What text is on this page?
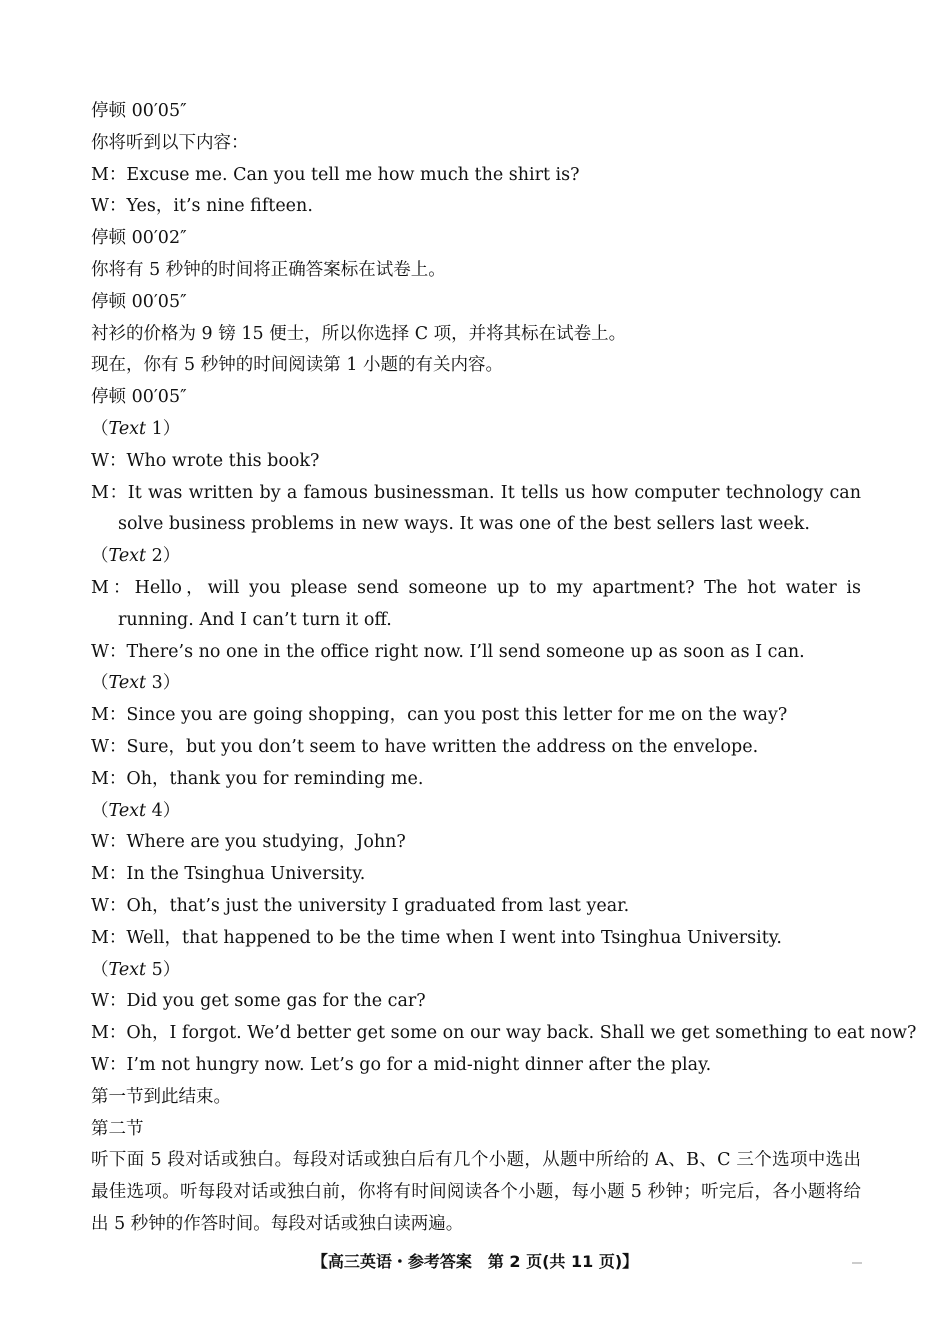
停顿 00′05″
你将听到以下内容：
M：Excuse me. Can you tell me how much the shirt is?
W：Yes，it’s nine fifteen.
停顿 00′02″
你将有 5 秒钟的时间将正确答案标在试卷上。
停顿 00′05″
衬衫的价格为 9 镑 15 便士，所以你选择 C 项，并将其标在试卷上。
现在，你有 5 秒钟的时间阅读第 1 小题的有关内容。
停顿 00′05″
（Text 1）
W：Who wrote this book?
M：It was written by a famous businessman. It tells us how computer technology can solve business problems in new ways. It was one of the best sellers last week.
（Text 2）
M：Hello，will you please send someone up to my apartment? The hot water is running. And I can’t turn it off.
W：There’s no one in the office right now. I’ll send someone up as soon as I can.
（Text 3）
M：Since you are going shopping，can you post this letter for me on the way?
W：Sure，but you don’t seem to have written the address on the envelope.
M：Oh，thank you for reminding me.
（Text 4）
W：Where are you studying，John?
M：In the Tsinghua University.
W：Oh，that’s just the university I graduated from last year.
M：Well，that happened to be the time when I went into Tsinghua University.
（Text 5）
W：Did you get some gas for the car?
M：Oh，I forgot. We’d better get some on our way back. Shall we get something to eat now?
W：I’m not hungry now. Let’s go for a mid-night dinner after the play.
第一节到此结束。
第二节
听下面 5 段对话或独白。每段对话或独白后有几个小题，从题中所给的 A、B、C 三个选项中选出最佳选项。听每段对话或独白前，你将有时间阅读各个小题，每小题 5 秒钟；听完后，各小题将给出 5 秒钟的作答时间。每段对话或独白读两遍。
【高三英语・参考答案　第 2 页(共 11 页)】
